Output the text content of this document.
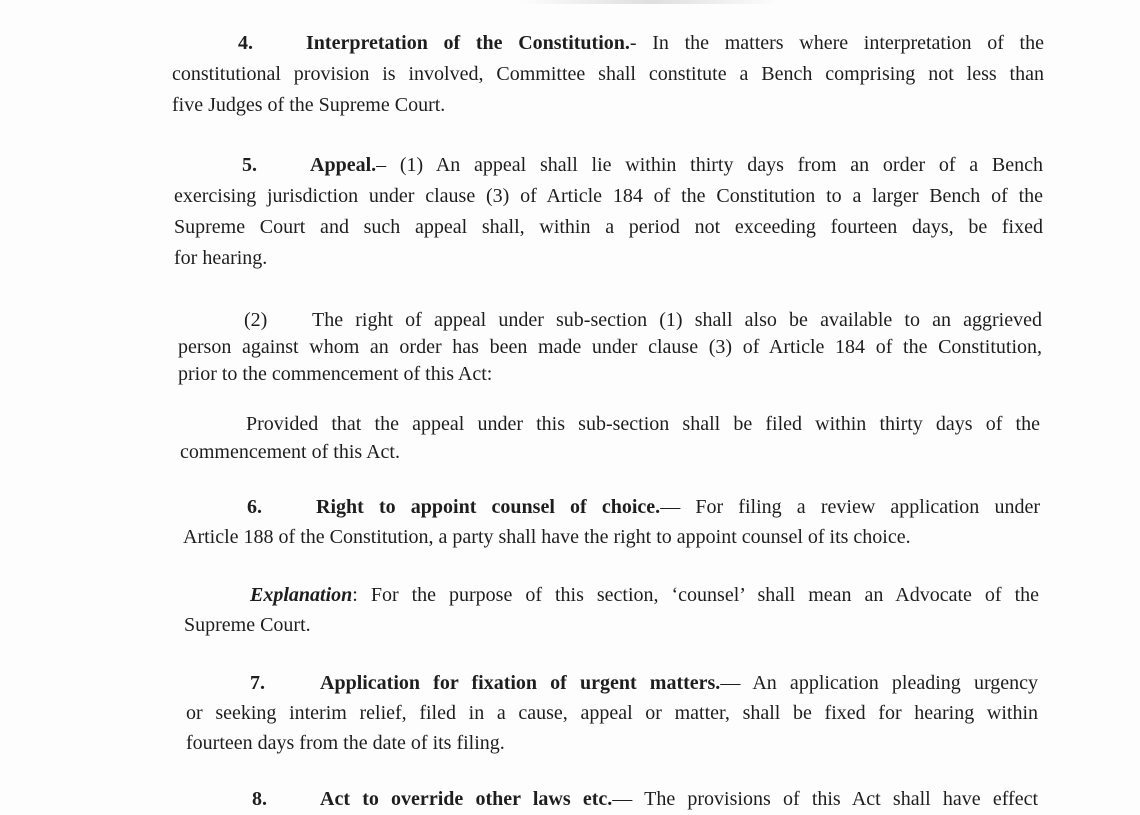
4.	Interpretation of the Constitution.- In the matters where interpretation of the
constitutional provision is involved, Committee shall constitute a Bench comprising not less than
five Judges of the Supreme Court.
5.	Appeal.– (1) An appeal shall lie within thirty days from an order of a Bench
exercising jurisdiction under clause (3) of Article 184 of the Constitution to a larger Bench of the
Supreme Court and such appeal shall, within a period not exceeding fourteen days, be fixed
for hearing.
(2) The right of appeal under sub-section (1) shall also be available to an aggrieved
person against whom an order has been made under clause (3) of Article 184 of the Constitution,
prior to the commencement of this Act:
Provided that the appeal under this sub-section shall be filed within thirty days of the
commencement of this Act.
6.	Right to appoint counsel of choice.— For filing a review application under
Article 188 of the Constitution, a party shall have the right to appoint counsel of its choice.
Explanation: For the purpose of this section, ‘counsel’ shall mean an Advocate of the
Supreme Court.
7.	Application for fixation of urgent matters.— An application pleading urgency
or seeking interim relief, filed in a cause, appeal or matter, shall be fixed for hearing within
fourteen days from the date of its filing.
8.	Act to override other laws etc.— The provisions of this Act shall have effect
